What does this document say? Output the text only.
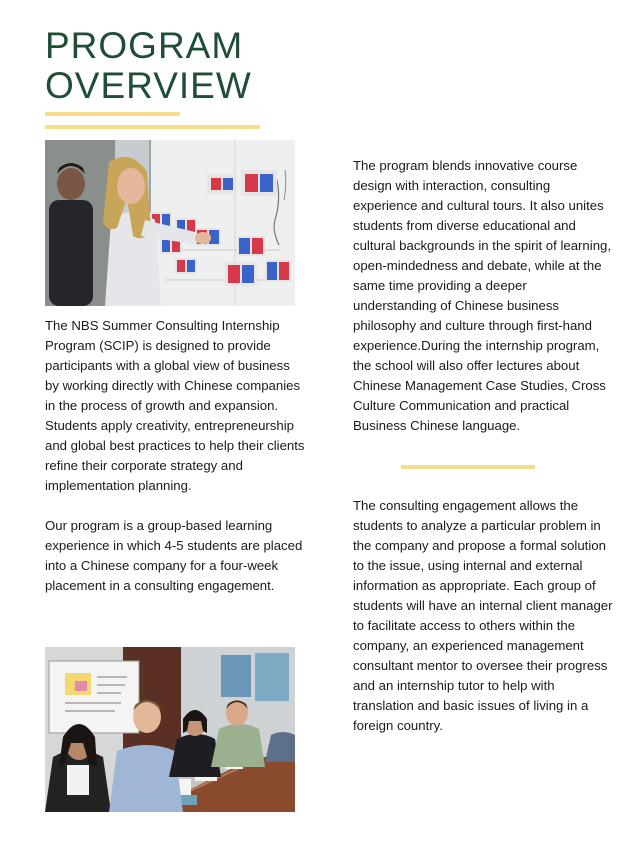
PROGRAM
OVERVIEW

The NBS Summer Consulting Internship Program (SCIP) is designed to provide participants with a global view of business by working directly with Chinese companies in the process of growth and expansion. Students apply creativity, entrepreneurship and global best practices to help their clients refine their corporate strategy and implementation planning.

Our program is a group-based learning experience in which 4-5 students are placed into a Chinese company for a four-week placement in a consulting engagement.

The program blends innovative course design with interaction, consulting experience and cultural tours. It also unites students from diverse educational and cultural backgrounds in the spirit of learning, open-mindedness and debate, while at the same time providing a deeper understanding of Chinese business philosophy and culture through first-hand experience.During the internship program, the school will also offer lectures about Chinese Management Case Studies, Cross Culture Communication and practical Business Chinese language.

The consulting engagement allows the students to analyze a particular problem in the company and propose a formal solution to the issue, using internal and external information as appropriate. Each group of students will have an internal client manager to facilitate access to others within the company, an experienced management consultant mentor to oversee their progress and an internship tutor to help with translation and basic issues of living in a foreign country.
